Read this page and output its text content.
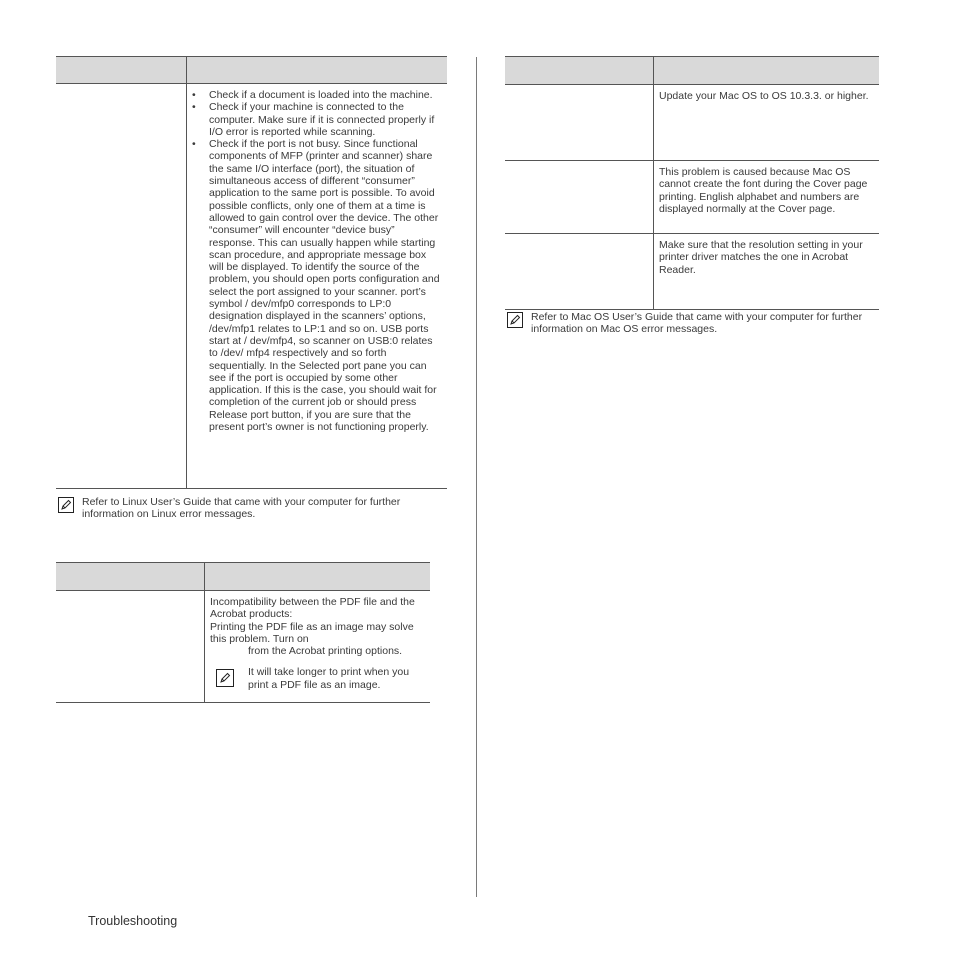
• Check if a document is loaded into the machine.
• Check if your machine is connected to the computer. Make sure if it is connected properly if I/O error is reported while scanning.
• Check if the port is not busy. Since functional components of MFP (printer and scanner) share the same I/O interface (port), the situation of simultaneous access of different “consumer” application to the same port is possible. To avoid possible conflicts, only one of them at a time is allowed to gain control over the device. The other “consumer” will encounter “device busy” response. This can usually happen while starting scan procedure, and appropriate message box will be displayed. To identify the source of the problem, you should open ports configuration and select the port assigned to your scanner. port’s symbol / dev/mfp0 corresponds to LP:0 designation displayed in the scanners’ options, /dev/mfp1 relates to LP:1 and so on. USB ports start at / dev/mfp4, so scanner on USB:0 relates to /dev/ mfp4 respectively and so forth sequentially. In the Selected port pane you can see if the port is occupied by some other application. If this is the case, you should wait for completion of the current job or should press Release port button, if you are sure that the present port’s owner is not functioning properly.
Refer to Linux User’s Guide that came with your computer for further information on Linux error messages.
Incompatibility between the PDF file and the Acrobat products:
Printing the PDF file as an image may solve this problem. Turn on
from the Acrobat printing options.
It will take longer to print when you print a PDF file as an image.
Update your Mac OS to OS 10.3.3. or higher.
This problem is caused because Mac OS cannot create the font during the Cover page printing. English alphabet and numbers are displayed normally at the Cover page.
Make sure that the resolution setting in your printer driver matches the one in Acrobat Reader.
Refer to Mac OS User’s Guide that came with your computer for further information on Mac OS error messages.
Troubleshooting
